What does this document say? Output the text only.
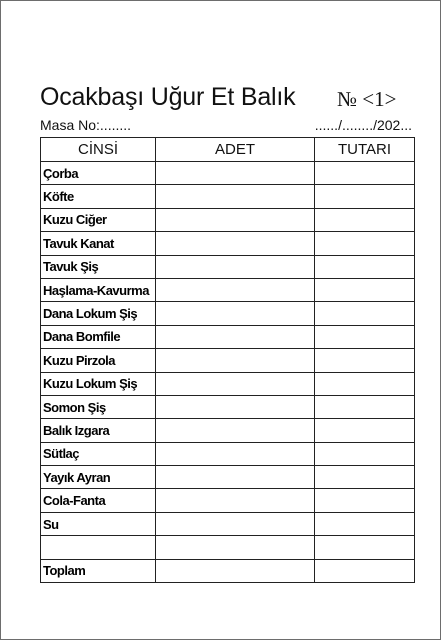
Ocakbaşı Uğur Et Balık № <1>
Masa No:........	....../......../202...
CİNSİ	ADET	TUTARI
Çorba		
Köfte		
Kuzu Ciğer		
Tavuk Kanat		
Tavuk Şiş		
Haşlama-Kavurma		
Dana Lokum Şiş		
Dana Bomfile		
Kuzu Pirzola		
Kuzu Lokum Şiş		
Somon Şiş		
Balık Izgara		
Sütlaç		
Yayık Ayran		
Cola-Fanta		
Su		

Toplam		
